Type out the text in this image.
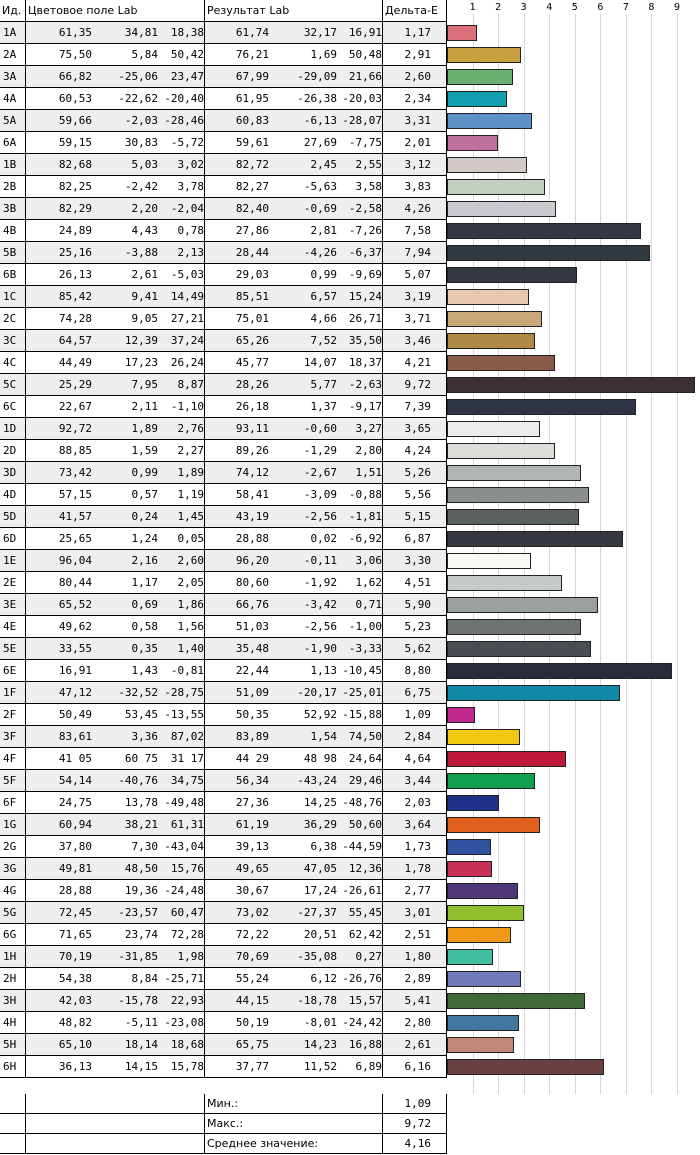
Ид. Цветовое поле Lab	Результат Lab	Дельта-E	1 2 3 4 5 6 7 8 9
1A	61,35	34,81	18,38	61,74	32,17	16,91	1,17
2A	75,50	5,84	50,42	76,21	1,69	50,48	2,91
3A	66,82	-25,06	23,47	67,99	-29,09	21,66	2,60
4A	60,53	-22,62 -20,40	61,95	-26,38 -20,03	2,34
5A	59,66	-2,03 -28,46	60,83	-6,13 -28,07	3,31
6A	59,15	30,83	-5,72	59,61	27,69	-7,75	2,01
1B	82,68	5,03	3,02	82,72	2,45	2,55	3,12
2B	82,25	-2,42	3,78	82,27	-5,63	3,58	3,83
3B	82,29	2,20	-2,04	82,40	-0,69	-2,58	4,26
4B	24,89	4,43	0,78	27,86	2,81	-7,26	7,58
5B	25,16	-3,88	2,13	28,44	-4,26	-6,37	7,94
6B	26,13	2,61	-5,03	29,03	0,99	-9,69	5,07
1C	85,42	9,41	14,49	85,51	6,57	15,24	3,19
2C	74,28	9,05	27,21	75,01	4,66	26,71	3,71
3C	64,57	12,39	37,24	65,26	7,52	35,50	3,46
4C	44,49	17,23	26,24	45,77	14,07	18,37	4,21
5C	25,29	7,95	8,87	28,26	5,77	-2,63	9,72
6C	22,67	2,11	-1,10	26,18	1,37	-9,17	7,39
1D	92,72	1,89	2,76	93,11	-0,60	3,27	3,65
2D	88,85	1,59	2,27	89,26	-1,29	2,80	4,24
3D	73,42	0,99	1,89	74,12	-2,67	1,51	5,26
4D	57,15	0,57	1,19	58,41	-3,09	-0,88	5,56
5D	41,57	0,24	1,45	43,19	-2,56	-1,81	5,15
6D	25,65	1,24	0,05	28,88	0,02	-6,92	6,87
1E	96,04	2,16	2,60	96,20	-0,11	3,06	3,30
2E	80,44	1,17	2,05	80,60	-1,92	1,62	4,51
3E	65,52	0,69	1,86	66,76	-3,42	0,71	5,90
4E	49,62	0,58	1,56	51,03	-2,56	-1,00	5,23
5E	33,55	0,35	1,40	35,48	-1,90	-3,33	5,62
6E	16,91	1,43	-0,81	22,44	1,13 -10,45	8,80
1F	47,12	-32,52 -28,75	51,09	-20,17 -25,01	6,75
2F	50,49	53,45 -13,55	50,35	52,92 -15,88	1,09
3F	83,61	3,36	87,02	83,89	1,54	74,50	2,84
4F	41 05	60 75	31 17	44 29	48 98	24,64	4,64
5F	54,14	-40,76	34,75	56,34	-43,24	29,46	3,44
6F	24,75	13,78 -49,48	27,36	14,25 -48,76	2,03
1G	60,94	38,21	61,31	61,19	36,29	50,60	3,64
2G	37,80	7,30 -43,04	39,13	6,38 -44,59	1,73
3G	49,81	48,50	15,76	49,65	47,05	12,36	1,78
4G	28,88	19,36 -24,48	30,67	17,24 -26,61	2,77
5G	72,45	-23,57	60,47	73,02	-27,37	55,45	3,01
6G	71,65	23,74	72,28	72,22	20,51	62,42	2,51
1H	70,19	-31,85	1,98	70,69	-35,08	0,27	1,80
2H	54,38	8,84 -25,71	55,24	6,12 -26,76	2,89
3H	42,03	-15,78	22,93	44,15	-18,78	15,57	5,41
4H	48,82	-5,11 -23,08	50,19	-8,01 -24,42	2,80
5H	65,10	18,14	18,68	65,75	14,23	16,88	2,61
6H	36,13	14,15	15,78	37,77	11,52	6,89	6,16
Мин.:	1,09
Макс.:	9,72
Среднее значение:	4,16
